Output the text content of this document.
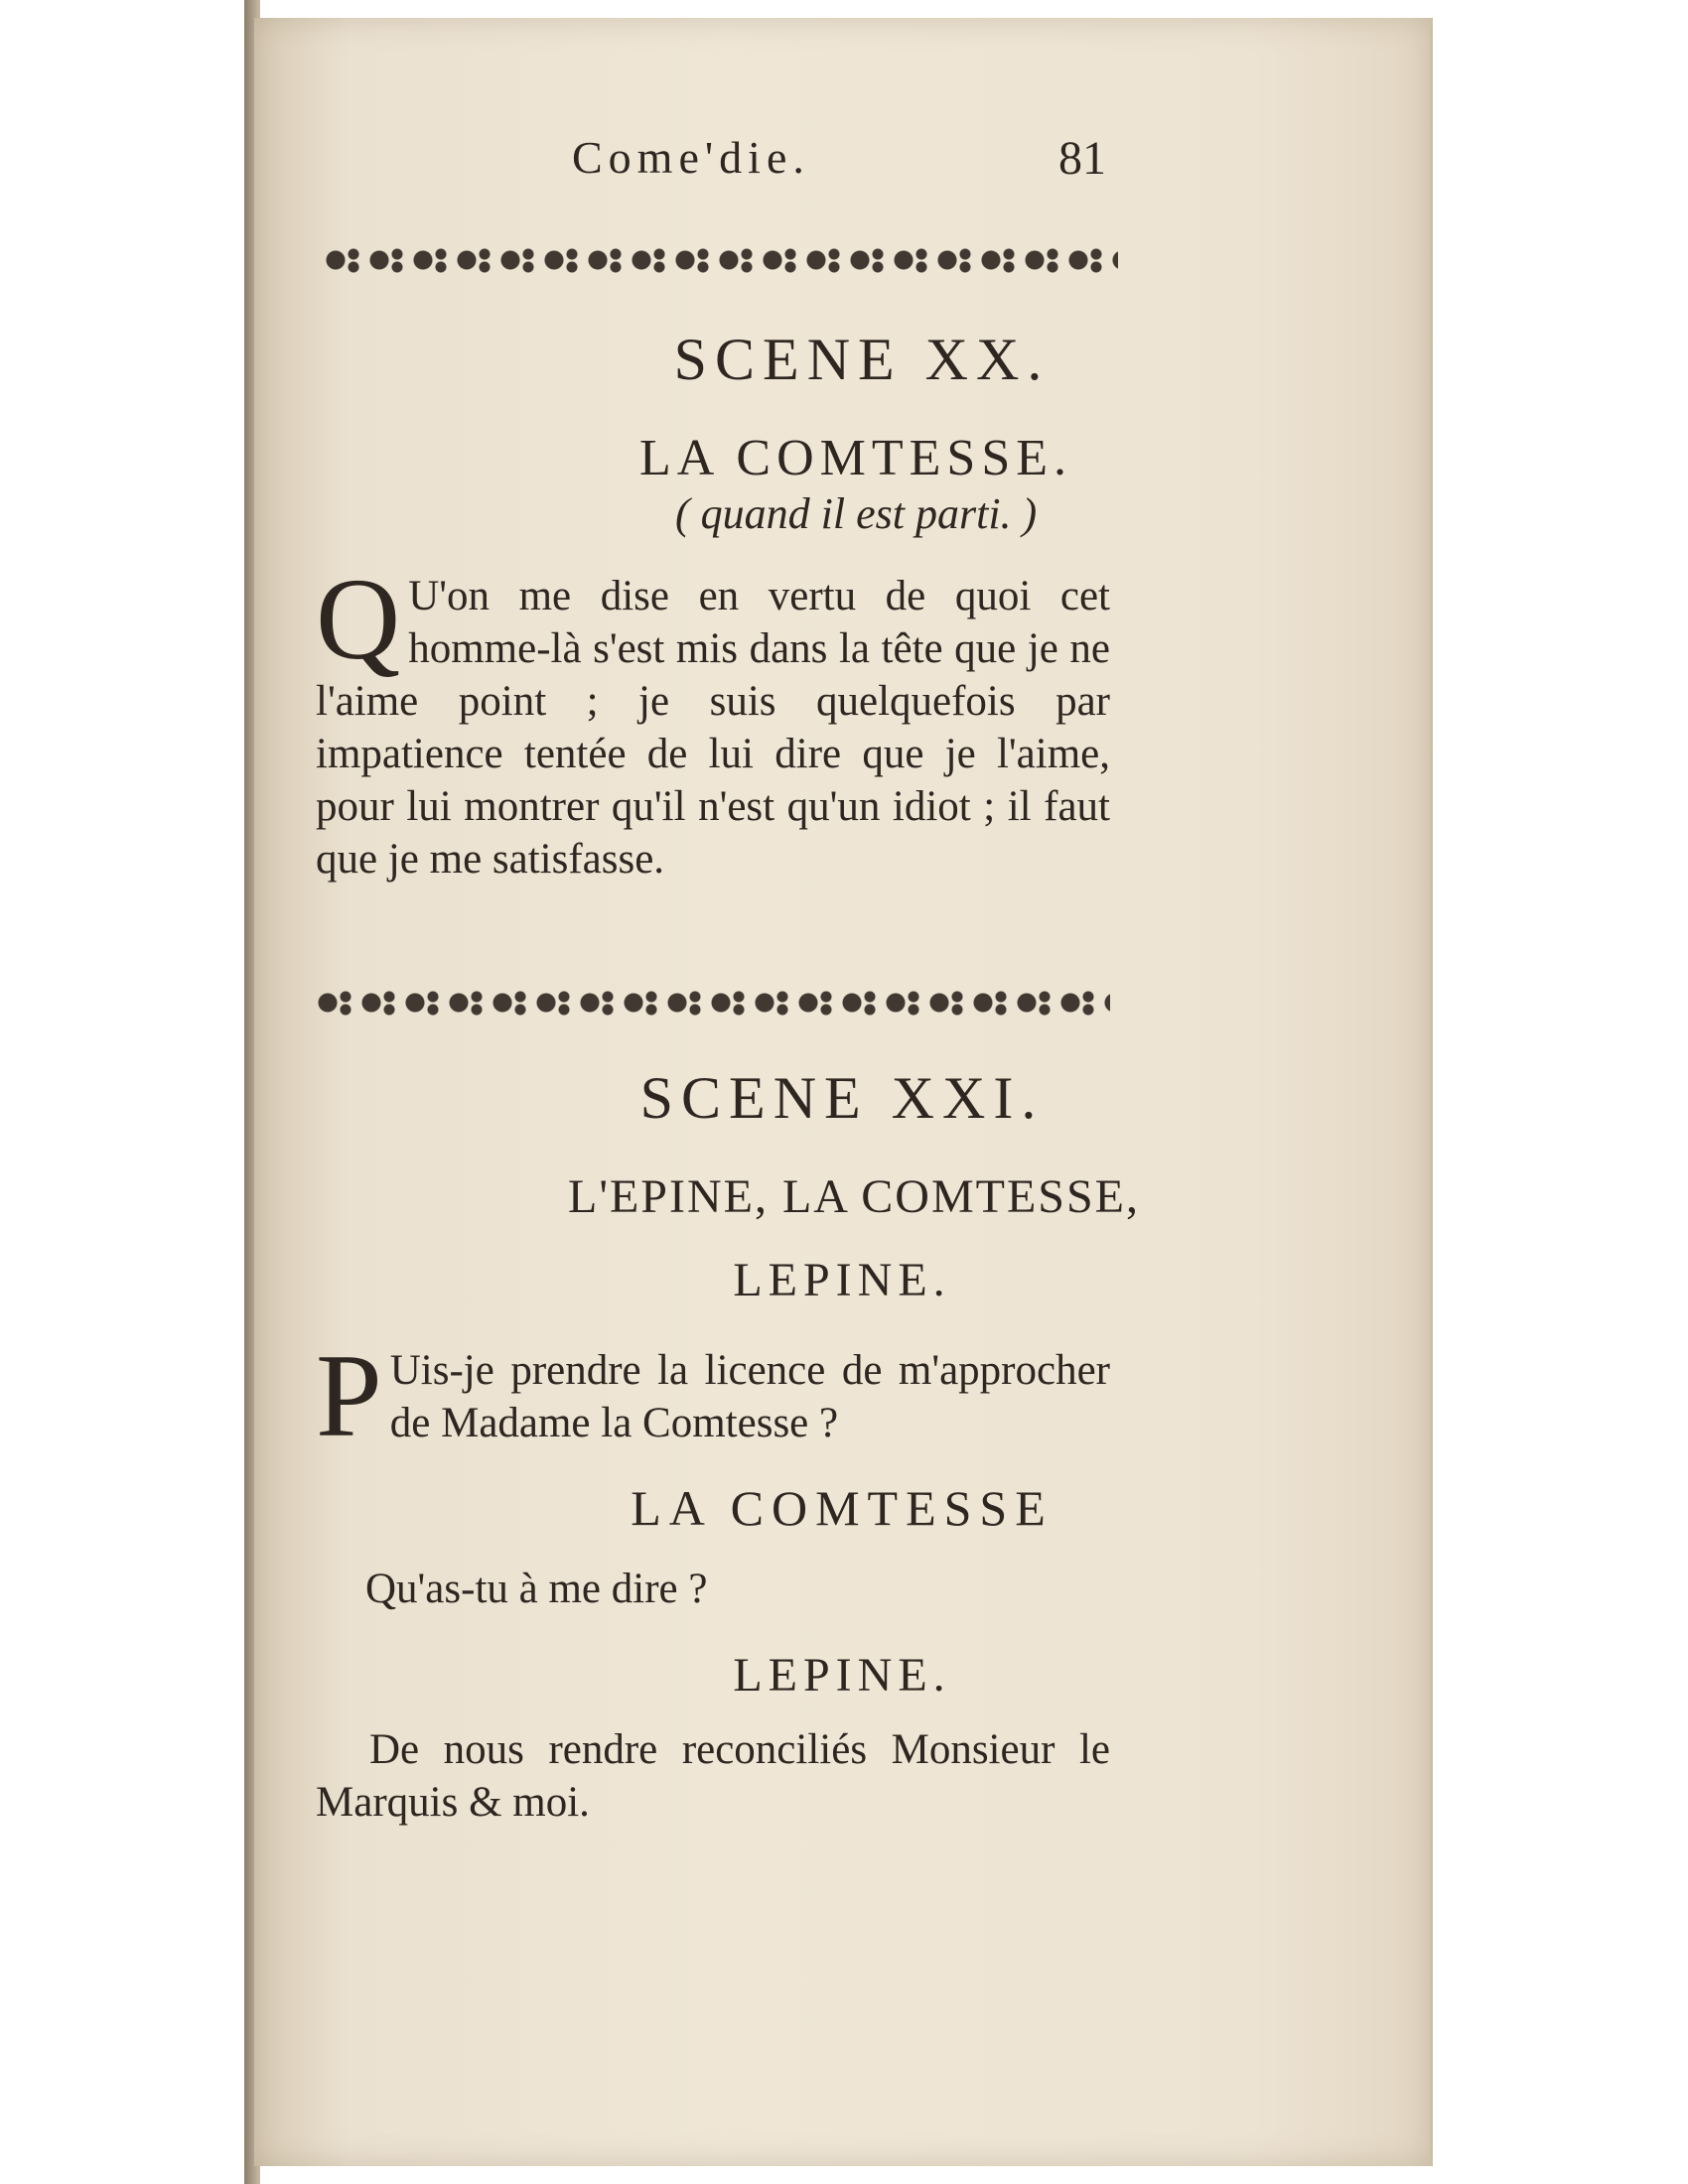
Come'die.	81
SCENE XX.
LA COMTESSE.
( quand il est parti. )
Q U'on me dise en vertu de quoi cet homme-là s'est mis dans la tête que je ne l'aime point ; je suis quelquefois par impatience tentée de lui dire que je l'aime, pour lui montrer qu'il n'est qu'un idiot ; il faut que je me satisfasse.
SCENE XXI.
L'EPINE, LA COMTESSE,
LEPINE.
P Uis-je prendre la licence de m'approcher de Madame la Comtesse ?
LA COMTESSE
Qu'as-tu à me dire ?
LEPINE.
De nous rendre reconciliés Monsieur le Marquis & moi.
